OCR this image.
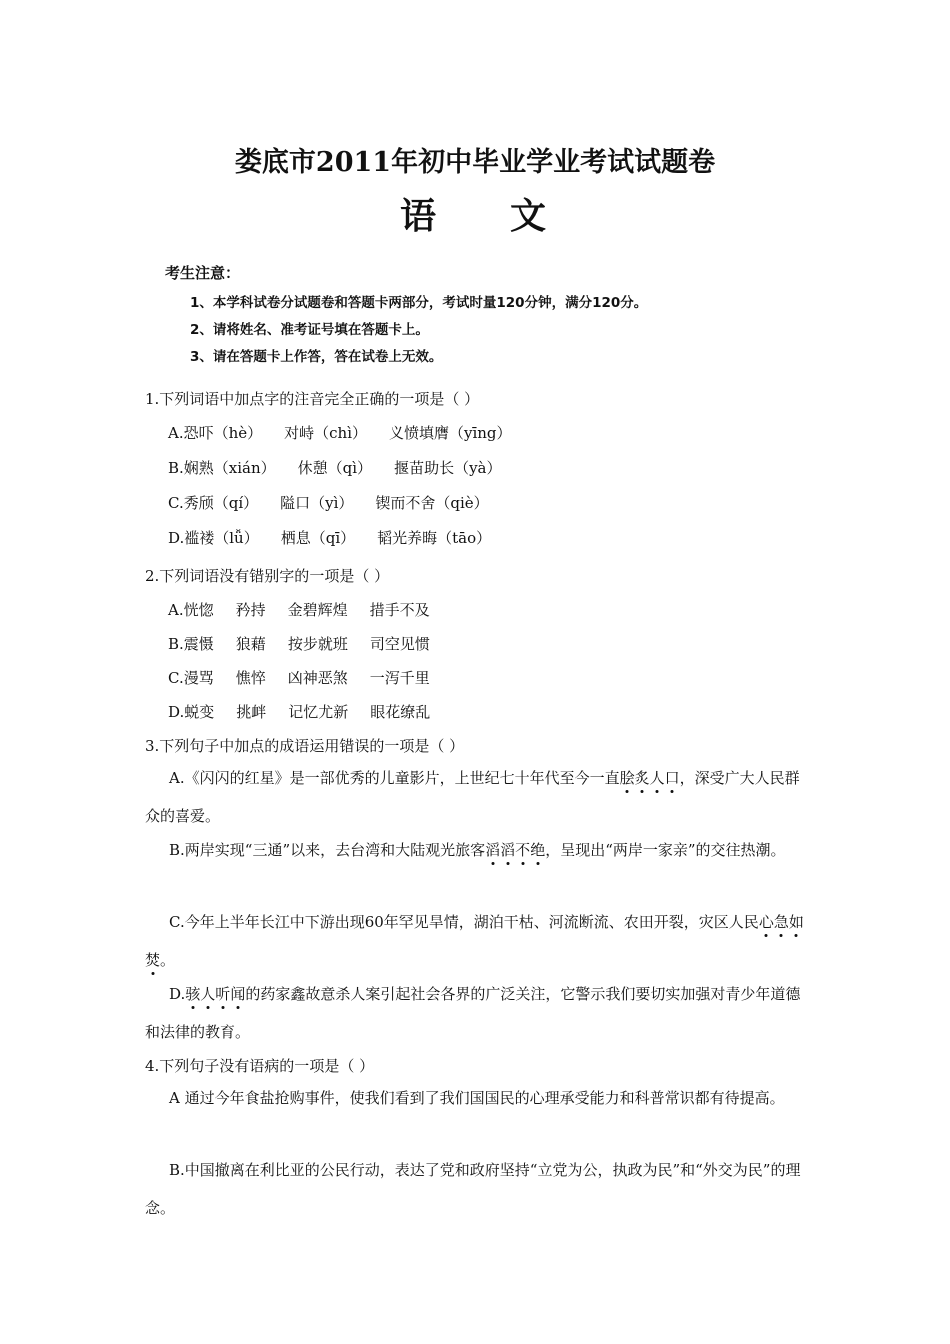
娄底市2011年初中毕业学业考试试题卷
语 文
考生注意：
1、本学科试卷分试题卷和答题卡两部分，考试时量120分钟，满分120分。
2、请将姓名、准考证号填在答题卡上。
3、请在答题卡上作答，答在试卷上无效。
1.下列词语中加点字的注音完全正确的一项是（ ）
A.恐吓（hè） 对峙（chì） 义愤填膺（yīng）
B.娴熟（xián） 休憩（qì） 揠苗助长（yà）
C.秀颀（qí） 隘口（yì） 锲而不舍（qiè）
D.褴褛（lǚ） 栖息（qī） 韬光养晦（tāo）
2.下列词语没有错别字的一项是（ ）
A.恍惚 矜持 金碧辉煌 措手不及
B.震慑 狼藉 按步就班 司空见惯
C.漫骂 憔悴 凶神恶煞 一泻千里
D.蜕变 挑衅 记忆尤新 眼花缭乱
3.下列句子中加点的成语运用错误的一项是（ ）
A.《闪闪的红星》是一部优秀的儿童影片，上世纪七十年代至今一直脍炙人口，深受广大人民群众的喜爱。
B.两岸实现“三通”以来，去台湾和大陆观光旅客滔滔不绝，呈现出“两岸一家亲”的交往热潮。
C.今年上半年长江中下游出现60年罕见旱情，湖泊干枯、河流断流、农田开裂，灾区人民心急如焚。
D.骇人听闻的药家鑫故意杀人案引起社会各界的广泛关注，它警示我们要切实加强对青少年道德和法律的教育。
4.下列句子没有语病的一项是（ ）
A 通过今年食盐抢购事件，使我们看到了我们国国民的心理承受能力和科普常识都有待提高。
B.中国撤离在利比亚的公民行动，表达了党和政府坚持“立党为公，执政为民”和“外交为民”的理念。
